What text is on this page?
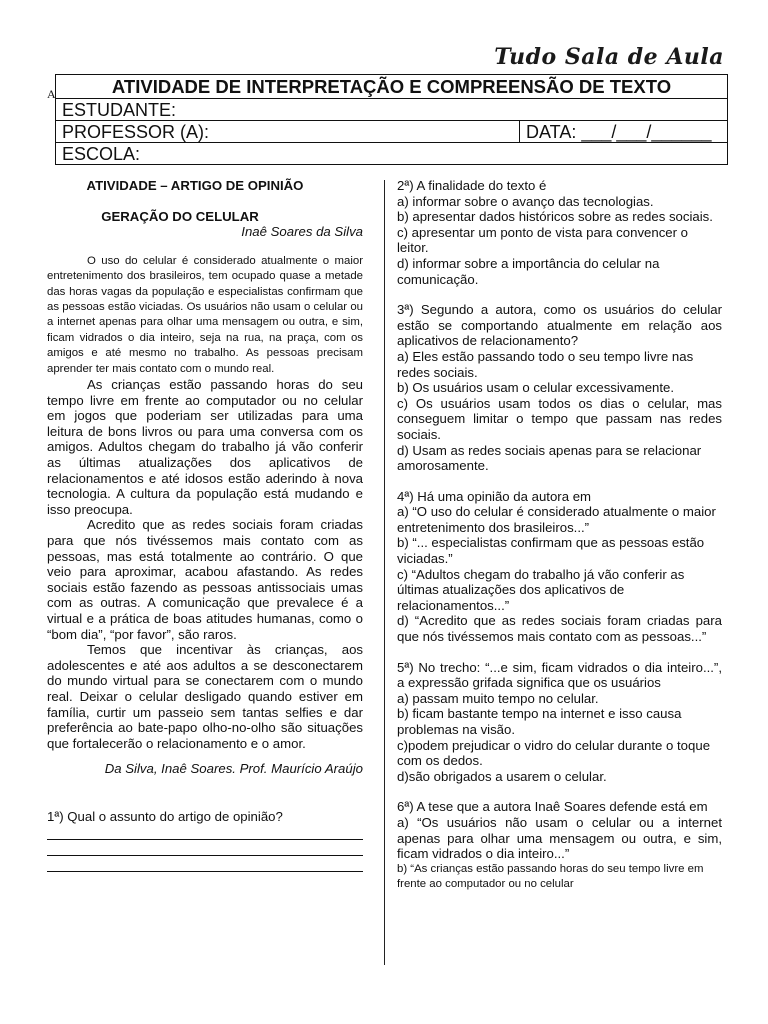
Tudo Sala de Aula
A	ATIVIDADE DE INTERPRETAÇÃO E COMPREENSÃO DE TEXTO
ESTUDANTE:
PROFESSOR (A):	DATA: ___/___/______
ESCOLA:
ATIVIDADE – ARTIGO DE OPINIÃO
GERAÇÃO DO CELULAR
Inaê Soares da Silva

O uso do celular é considerado atualmente o maior entretenimento dos brasileiros, tem ocupado quase a metade das horas vagas da população e especialistas confirmam que as pessoas estão viciadas. Os usuários não usam o celular ou a internet apenas para olhar uma mensagem ou outra, e sim, ficam vidrados o dia inteiro, seja na rua, na praça, com os amigos e até mesmo no trabalho. As pessoas precisam aprender ter mais contato com o mundo real.

As crianças estão passando horas do seu tempo livre em frente ao computador ou no celular em jogos que poderiam ser utilizadas para uma leitura de bons livros ou para uma conversa com os amigos. Adultos chegam do trabalho já vão conferir as últimas atualizações dos aplicativos de relacionamentos e até idosos estão aderindo à nova tecnologia. A cultura da população está mudando e isso preocupa.

Acredito que as redes sociais foram criadas para que nós tivéssemos mais contato com as pessoas, mas está totalmente ao contrário. O que veio para aproximar, acabou afastando. As redes sociais estão fazendo as pessoas antissociais umas com as outras. A comunicação que prevalece é a virtual e a prática de boas atitudes humanas, como o “bom dia”, “por favor”, são raros.

Temos que incentivar às crianças, aos adolescentes e até aos adultos a se desconectarem do mundo virtual para se conectarem com o mundo real. Deixar o celular desligado quando estiver em família, curtir um passeio sem tantas selfies e dar preferência ao bate-papo olho-no-olho são situações que fortalecerão o relacionamento e o amor.

Da Silva, Inaê Soares. Prof. Maurício Araújo
1ª) Qual o assunto do artigo de opinião?
2ª) A finalidade do texto é
a) informar sobre o avanço das tecnologias.
b) apresentar dados históricos sobre as redes sociais.
c) apresentar um ponto de vista para convencer o leitor.
d) informar sobre a importância do celular na comunicação.
3ª) Segundo a autora, como os usuários do celular estão se comportando atualmente em relação aos aplicativos de relacionamento?
a) Eles estão passando todo o seu tempo livre nas redes sociais.
b) Os usuários usam o celular excessivamente.
c) Os usuários usam todos os dias o celular, mas conseguem limitar o tempo que passam nas redes sociais.
d) Usam as redes sociais apenas para se relacionar amorosamente.
4ª) Há uma opinião da autora em
a) “O uso do celular é considerado atualmente o maior entretenimento dos brasileiros...”
b) “... especialistas confirmam que as pessoas estão viciadas.”
c) “Adultos chegam do trabalho já vão conferir as últimas atualizações dos aplicativos de relacionamentos...”
d) “Acredito que as redes sociais foram criadas para que nós tivéssemos mais contato com as pessoas...”
5ª) No trecho: “...e sim, ficam vidrados o dia inteiro...”, a expressão grifada significa que os usuários
a) passam muito tempo no celular.
b) ficam bastante tempo na internet e isso causa problemas na visão.
c)podem prejudicar o vidro do celular durante o toque com os dedos.
d)são obrigados a usarem o celular.
6ª) A tese que a autora Inaê Soares defende está em
a) “Os usuários não usam o celular ou a internet apenas para olhar uma mensagem ou outra, e sim, ficam vidrados o dia inteiro...”
b) “As crianças estão passando horas do seu tempo livre em frente ao computador ou no celular
